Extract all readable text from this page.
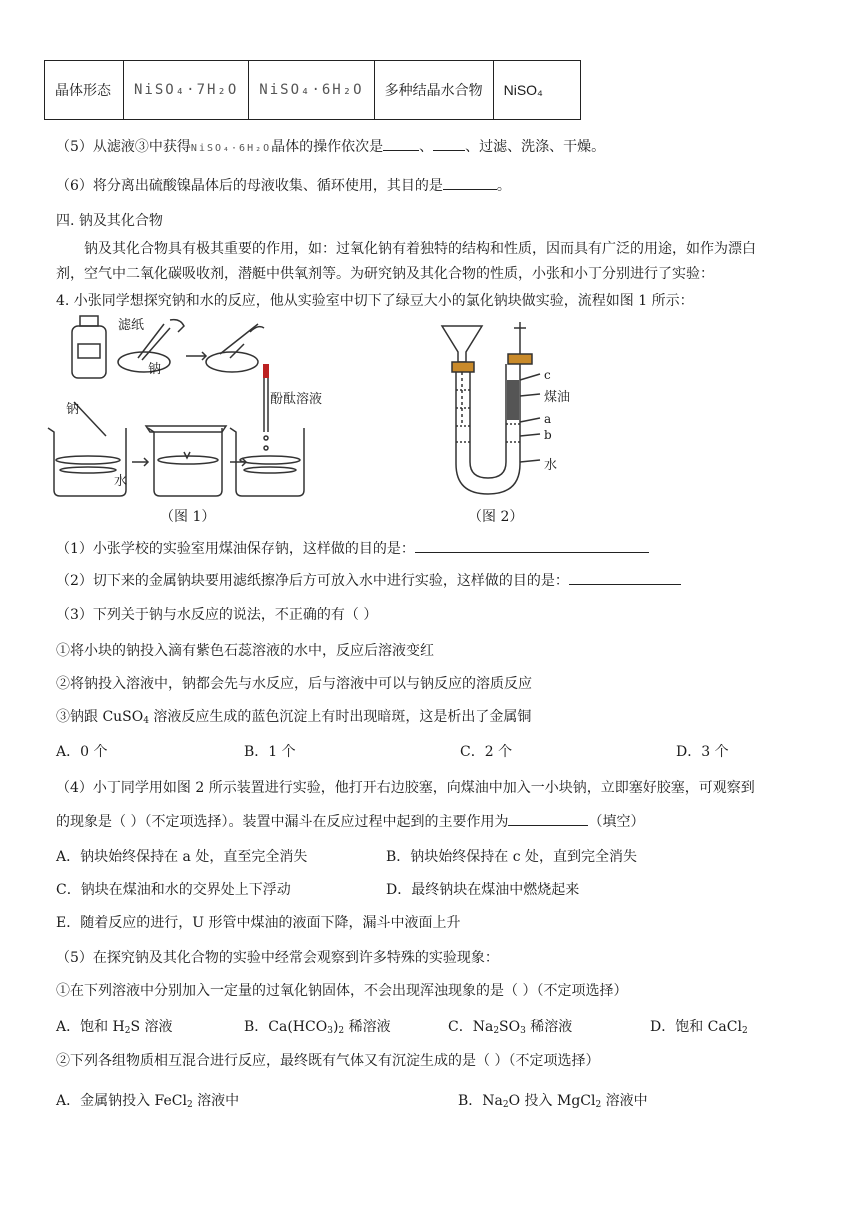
晶体形态	NiSO₄·7H₂O	NiSO₄·6H₂O	多种结晶水合物	NiSO₄
（5）从滤液③中获得NiSO₄·6H₂O晶体的操作依次是	、 、过滤、洗涤、干燥。
（6）将分离出硫酸镍晶体后的母液收集、循环使用，其目的是	。
四. 钠及其化合物
钠及其化合物具有极其重要的作用，如：过氧化钠有着独特的结构和性质，因而具有广泛的用途，如作为漂白
剂，空气中二氧化碳吸收剂，潜艇中供氧剂等。为研究钠及其化合物的性质，小张和小丁分别进行了实验：
4. 小张同学想探究钠和水的反应，他从实验室中切下了绿豆大小的氯化钠块做实验，流程如图 1 所示：
滤纸
钠
钠
水
酚酞溶液
（图 1）
c
煤油
a
b
水
（图 2）
（1）小张学校的实验室用煤油保存钠，这样做的目的是：
（2）切下来的金属钠块要用滤纸擦净后方可放入水中进行实验，这样做的目的是：
（3）下列关于钠与水反应的说法，不正确的有（ ）
①将小块的钠投入滴有紫色石蕊溶液的水中，反应后溶液变红
②将钠投入溶液中，钠都会先与水反应，后与溶液中可以与钠反应的溶质反应
③钠跟 CuSO$_4$ 溶液反应生成的蓝色沉淀上有时出现暗斑，这是析出了金属铜
A．0 个	B．1 个	C．2 个	D．3 个
（4）小丁同学用如图 2 所示装置进行实验，他打开右边胶塞，向煤油中加入一小块钠，立即塞好胶塞，可观察到
的现象是（ ）（不定项选择）。装置中漏斗在反应过程中起到的主要作用为	（填空）
A．钠块始终保持在 a 处，直至完全消失	B．钠块始终保持在 c 处，直到完全消失
C．钠块在煤油和水的交界处上下浮动	D．最终钠块在煤油中燃烧起来
E．随着反应的进行，U 形管中煤油的液面下降，漏斗中液面上升
（5）在探究钠及其化合物的实验中经常会观察到许多特殊的实验现象：
①在下列溶液中分别加入一定量的过氧化钠固体，不会出现浑浊现象的是（ ）（不定项选择）
A．饱和 $H_2S$ 溶液	B．$Ca(HCO_3)_2$ 稀溶液	C．$Na_2SO_3$ 稀溶液	D．饱和 CaCl$_2$
②下列各组物质相互混合进行反应，最终既有气体又有沉淀生成的是（ ）（不定项选择）
A．金属钠投入 FeCl$_2$ 溶液中	B．$Na_2O$ 投入 MgCl$_2$ 溶液中
